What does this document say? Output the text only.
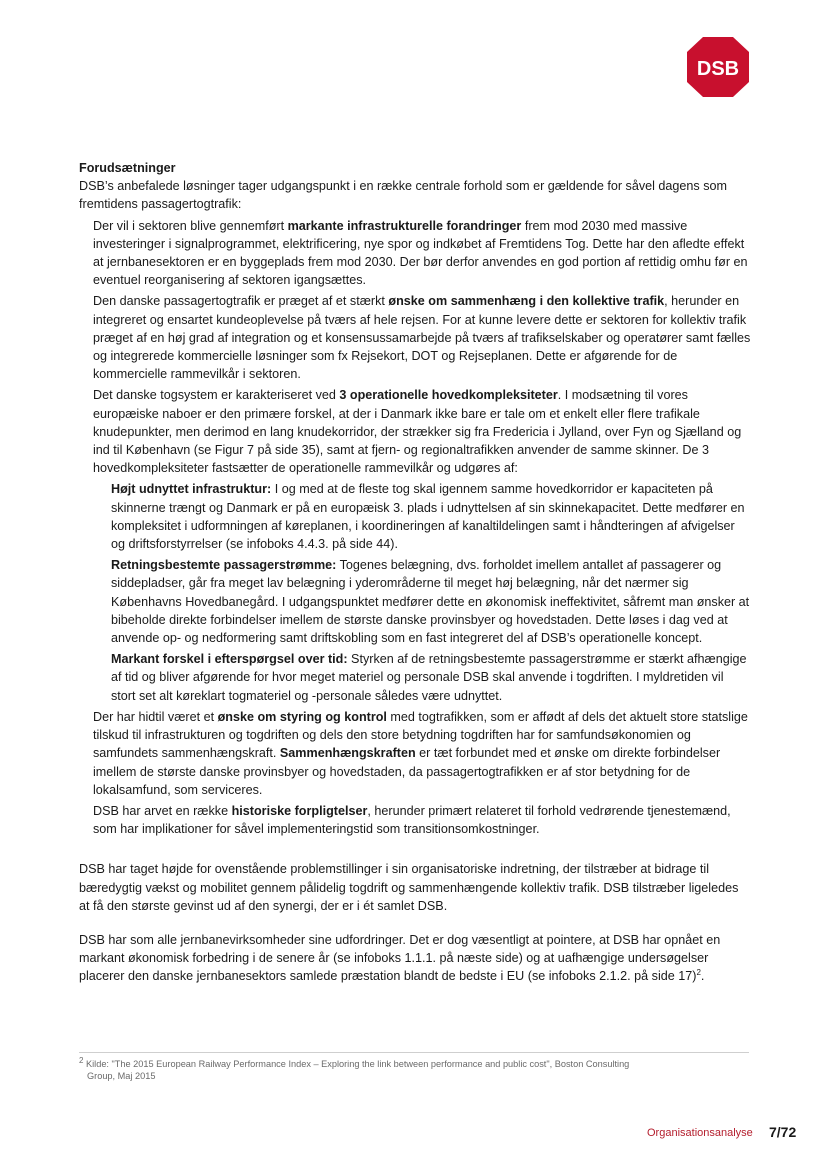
DSB

Forudsætninger

DSB’s anbefalede løsninger tager udgangspunkt i en række centrale forhold som er gældende for såvel dagens som fremtidens passagertogtrafik:

Der vil i sektoren blive gennemført markante infrastrukturelle forandringer frem mod 2030 med massive investeringer i signalprogrammet, elektrificering, nye spor og indkøbet af Fremtidens Tog. Dette har den afledte effekt at jernbanesektoren er en byggeplads frem mod 2030. Der bør derfor anvendes en god portion af rettidig omhu før en eventuel reorganisering af sektoren igangsættes.

Den danske passagertogtrafik er præget af et stærkt ønske om sammenhæng i den kollektive trafik, herunder en integreret og ensartet kundeoplevelse på tværs af hele rejsen. For at kunne levere dette er sektoren for kollektiv trafik præget af en høj grad af integration og et konsensussamarbejde på tværs af trafikselskaber og operatører samt fælles og integrerede kommercielle løsninger som fx Rejsekort, DOT og Rejseplanen. Dette er afgørende for de kommercielle rammevilkår i sektoren.

Det danske togsystem er karakteriseret ved 3 operationelle hovedkompleksiteter. I modsætning til vores europæiske naboer er den primære forskel, at der i Danmark ikke bare er tale om et enkelt eller flere trafikale knudepunkter, men derimod en lang knudekorridor, der strækker sig fra Fredericia i Jylland, over Fyn og Sjælland og ind til København (se Figur 7 på side 35), samt at fjern- og regionaltrafikken anvender de samme skinner. De 3 hovedkompleksiteter fastsætter de operationelle rammevilkår og udgøres af:

Højt udnyttet infrastruktur: I og med at de fleste tog skal igennem samme hovedkorridor er kapaciteten på skinnerne trængt og Danmark er på en europæisk 3. plads i udnyttelsen af sin skinnekapacitet. Dette medfører en kompleksitet i udformningen af køreplanen, i koordineringen af kanaltildelingen samt i håndteringen af afvigelser og driftsforstyrrelser (se infoboks 4.4.3. på side 44).

Retningsbestemte passagerstrømme: Togenes belægning, dvs. forholdet imellem antallet af passagerer og siddepladser, går fra meget lav belægning i yderområderne til meget høj belægning, når det nærmer sig Københavns Hovedbanegård. I udgangspunktet medfører dette en økonomisk ineffektivitet, såfremt man ønsker at bibeholde direkte forbindelser imellem de største danske provinsbyer og hovedstaden. Dette løses i dag ved at anvende op- og nedformering samt driftskobling som en fast integreret del af DSB’s operationelle koncept.

Markant forskel i efterspørgsel over tid: Styrken af de retningsbestemte passagerstrømme er stærkt afhængige af tid og bliver afgørende for hvor meget materiel og personale DSB skal anvende i togdriften. I myldretiden vil stort set alt køreklart togmateriel og -personale således være udnyttet.

Der har hidtil været et ønske om styring og kontrol med togtrafikken, som er affødt af dels det aktuelt store statslige tilskud til infrastrukturen og togdriften og dels den store betydning togdriften har for samfundsøkonomien og samfundets sammenhængskraft. Sammenhængskraften er tæt forbundet med et ønske om direkte forbindelser imellem de største danske provinsbyer og hovedstaden, da passagertogtrafikken er af stor betydning for de lokalsamfund, som serviceres.

DSB har arvet en række historiske forpligtelser, herunder primært relateret til forhold vedrørende tjenestemænd, som har implikationer for såvel implementeringstid som transitionsomkostninger.

DSB har taget højde for ovenstående problemstillinger i sin organisatoriske indretning, der tilstræber at bidrage til bæredygtig vækst og mobilitet gennem pålidelig togdrift og sammenhængende kollektiv trafik. DSB tilstræber ligeledes at få den største gevinst ud af den synergi, der er i ét samlet DSB.

DSB har som alle jernbanevirksomheder sine udfordringer. Det er dog væsentligt at pointere, at DSB har opnået en markant økonomisk forbedring i de senere år (se infoboks 1.1.1. på næste side) og at uafhængige undersøgelser placerer den danske jernbanesektors samlede præstation blandt de bedste i EU (se infoboks 2.1.2. på side 17)$^2$.

$^2$ Kilde: "The 2015 European Railway Performance Index – Exploring the link between performance and public cost", Boston Consulting
Group, Maj 2015
Organisationsanalyse 7/72
